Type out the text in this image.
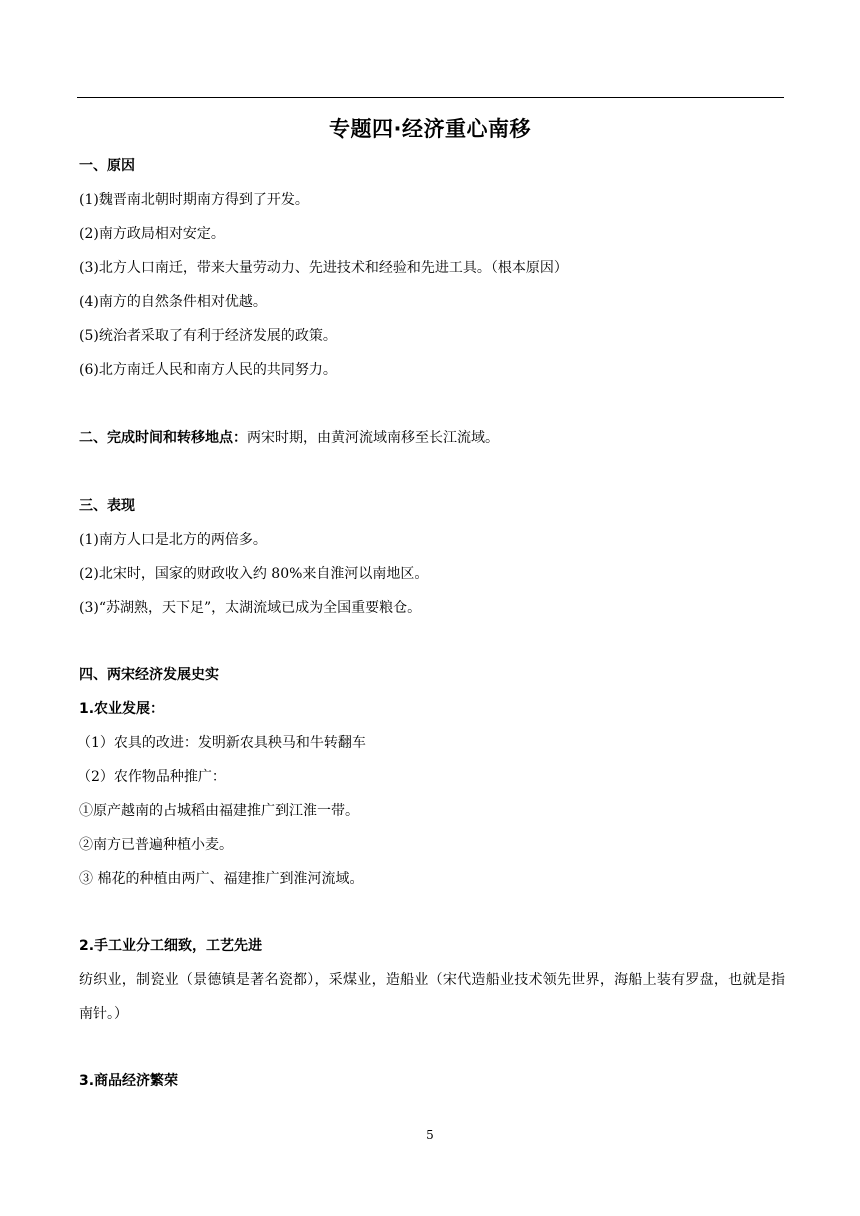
专题四·经济重心南移
一、原因
(1)魏晋南北朝时期南方得到了开发。
(2)南方政局相对安定。
(3)北方人口南迁，带来大量劳动力、先进技术和经验和先进工具。（根本原因）
(4)南方的自然条件相对优越。
(5)统治者采取了有利于经济发展的政策。
(6)北方南迁人民和南方人民的共同努力。
二、完成时间和转移地点：两宋时期，由黄河流域南移至长江流域。
三、表现
(1)南方人口是北方的两倍多。
(2)北宋时，国家的财政收入约 80%来自淮河以南地区。
(3)“苏湖熟，天下足”，太湖流域已成为全国重要粮仓。
四、两宋经济发展史实
1.农业发展：
（1）农具的改进：发明新农具秧马和牛转翻车
（2）农作物品种推广：
①原产越南的占城稻由福建推广到江淮一带。
②南方已普遍种植小麦。
③ 棉花的种植由两广、福建推广到淮河流域。
2.手工业分工细致，工艺先进
纺织业，制瓷业（景德镇是著名瓷都），采煤业，造船业（宋代造船业技术领先世界，海船上装有罗盘，也就是指南针。）
3.商品经济繁荣
5
